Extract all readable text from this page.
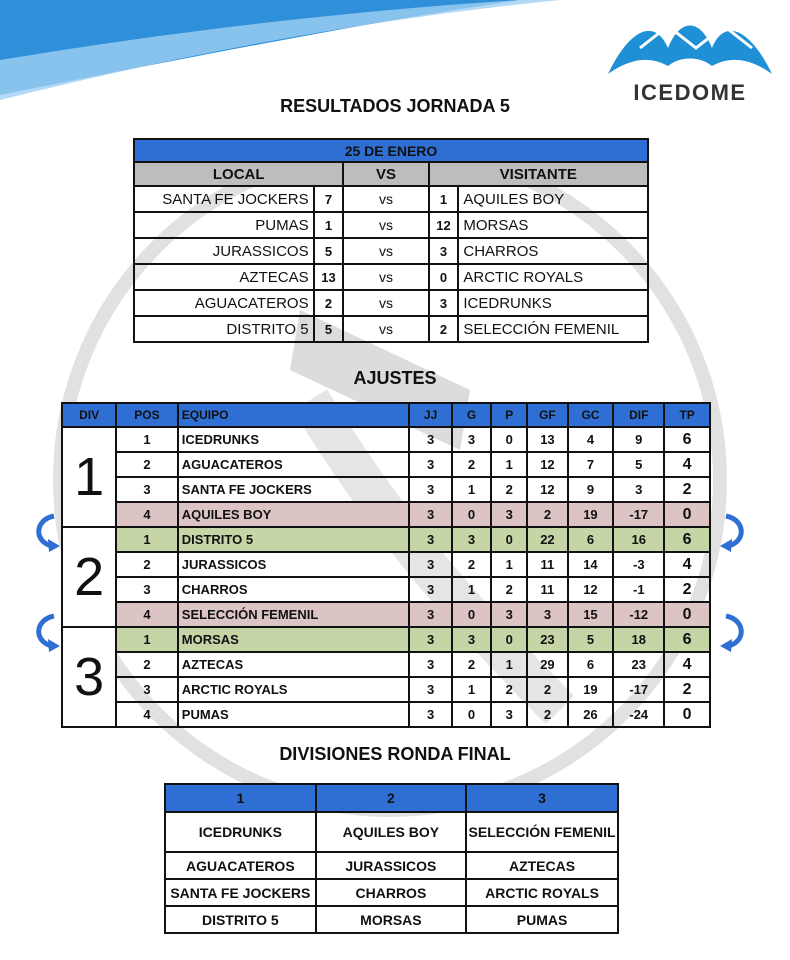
ICEDOME
RESULTADOS JORNADA 5
25 DE ENERO				
LOCAL		VS	VISITANTE	
SANTA FE JOCKERS	7	vs	1	AQUILES BOY
PUMAS	1	vs	12	MORSAS
JURASSICOS	5	vs	3	CHARROS
AZTECAS	13	vs	0	ARCTIC ROYALS
AGUACATEROS	2	vs	3	ICEDRUNKS
DISTRITO 5	5	vs	2	SELECCIÓN FEMENIL
AJUSTES
DIV	POS	EQUIPO	JJ	G	P	GF	GC	DIF	TP
1	1	ICEDRUNKS	3	3	0	13	4	9	6
	2	AGUACATEROS	3	2	1	12	7	5	4
	3	SANTA FE JOCKERS	3	1	2	12	9	3	2
	4	AQUILES BOY	3	0	3	2	19	-17	0
2	1	DISTRITO 5	3	3	0	22	6	16	6
	2	JURASSICOS	3	2	1	11	14	-3	4
	3	CHARROS	3	1	2	11	12	-1	2
	4	SELECCIÓN FEMENIL	3	0	3	3	15	-12	0
3	1	MORSAS	3	3	0	23	5	18	6
	2	AZTECAS	3	2	1	29	6	23	4
	3	ARCTIC ROYALS	3	1	2	2	19	-17	2
	4	PUMAS	3	0	3	2	26	-24	0
DIVISIONES RONDA FINAL
1	2	3
ICEDRUNKS	AQUILES BOY	SELECCIÓN FEMENIL
AGUACATEROS	JURASSICOS	AZTECAS
SANTA FE JOCKERS	CHARROS	ARCTIC ROYALS
DISTRITO 5	MORSAS	PUMAS
